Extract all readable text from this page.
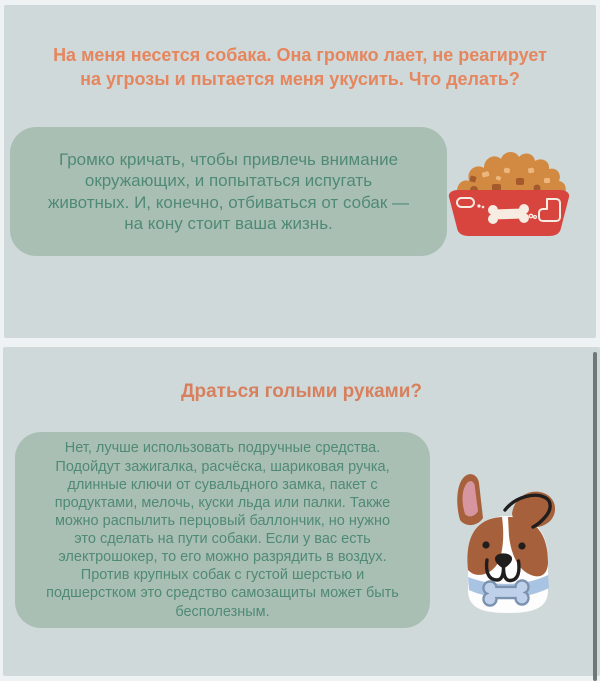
На меня несется собака. Она громко лает, не реагирует на угрозы и пытается меня укусить. Что делать?

Громко кричать, чтобы привлечь внимание окружающих, и попытаться испугать животных. И, конечно, отбиваться от собак — на кону стоит ваша жизнь.

Драться голыми руками?

Нет, лучше использовать подручные средства. Подойдут зажигалка, расчёска, шариковая ручка, длинные ключи от сувальдного замка, пакет с продуктами, мелочь, куски льда или палки. Также можно распылить перцовый баллончик, но нужно это сделать на пути собаки. Если у вас есть электрошокер, то его можно разрядить в воздух. Против крупных собак с густой шерстью и подшерстком это средство самозащиты может быть бесполезным.
